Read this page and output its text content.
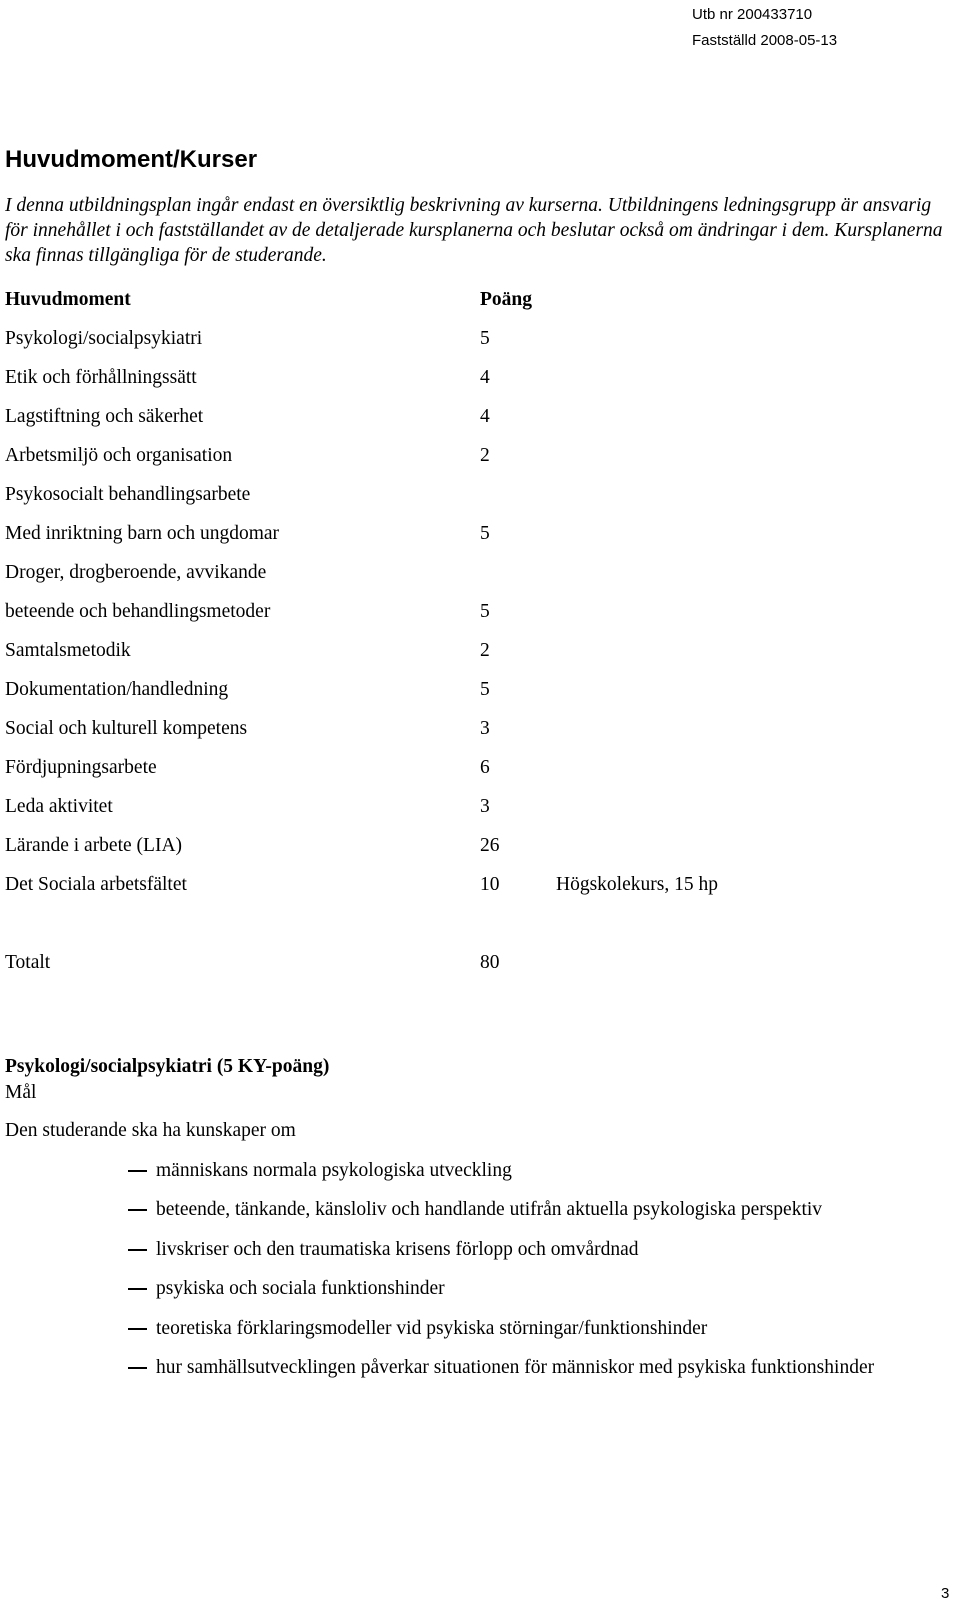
Utb nr 200433710
Fastställd 2008-05-13
Huvudmoment/Kurser

I denna utbildningsplan ingår endast en översiktlig beskrivning av kurserna. Utbildningens ledningsgrupp är ansvarig för innehållet i och fastställandet av de detaljerade kursplanerna och beslutar också om ändringar i dem. Kursplanerna ska finnas tillgängliga för de studerande.

Huvudmoment	Poäng
Psykologi/socialpsykiatri	5
Etik och förhållningssätt	4
Lagstiftning och säkerhet	4
Arbetsmiljö och organisation	2
Psykosocialt behandlingsarbete
Med inriktning barn och ungdomar	5
Droger, drogberoende, avvikande
beteende och behandlingsmetoder	5
Samtalsmetodik	2
Dokumentation/handledning	5
Social och kulturell kompetens	3
Fördjupningsarbete	6
Leda aktivitet	3
Lärande i arbete (LIA)	26
Det Sociala arbetsfältet	10	Högskolekurs, 15 hp
Totalt	80
Psykologi/socialpsykiatri (5 KY-poäng)

Mål

Den studerande ska ha kunskaper om
människans normala psykologiska utveckling
beteende, tänkande, känsloliv och handlande utifrån aktuella psykologiska perspektiv
livskriser och den traumatiska krisens förlopp och omvårdnad
psykiska och sociala funktionshinder
teoretiska förklaringsmodeller vid psykiska störningar/funktionshinder
hur samhällsutvecklingen påverkar situationen för människor med psykiska funktionshinder
3
